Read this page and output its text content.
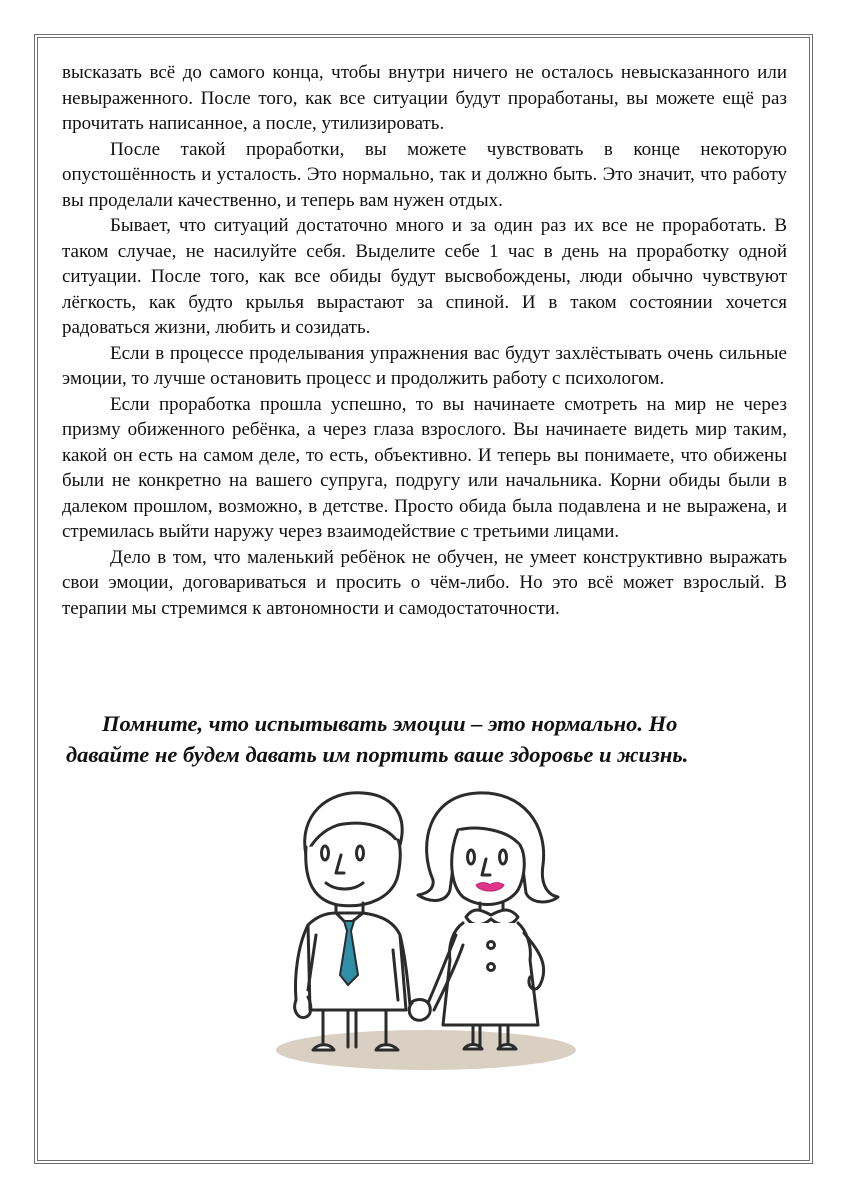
высказать всё до самого конца, чтобы внутри ничего не осталось невысказанного или невыраженного. После того, как все ситуации будут проработаны, вы можете ещё раз прочитать написанное, а после, утилизировать.

После такой проработки, вы можете чувствовать в конце некоторую опустошённость и усталость. Это нормально, так и должно быть. Это значит, что работу вы проделали качественно, и теперь вам нужен отдых.

Бывает, что ситуаций достаточно много и за один раз их все не проработать. В таком случае, не насилуйте себя. Выделите себе 1 час в день на проработку одной ситуации. После того, как все обиды будут высвобождены, люди обычно чувствуют лёгкость, как будто крылья вырастают за спиной. И в таком состоянии хочется радоваться жизни, любить и созидать.

Если в процессе проделывания упражнения вас будут захлёстывать очень сильные эмоции, то лучше остановить процесс и продолжить работу с психологом.

Если проработка прошла успешно, то вы начинаете смотреть на мир не через призму обиженного ребёнка, а через глаза взрослого. Вы начинаете видеть мир таким, какой он есть на самом деле, то есть, объективно. И теперь вы понимаете, что обижены были не конкретно на вашего супруга, подругу или начальника. Корни обиды были в далеком прошлом, возможно, в детстве. Просто обида была подавлена и не выражена, и стремилась выйти наружу через взаимодействие с третьими лицами.

Дело в том, что маленький ребёнок не обучен, не умеет конструктивно выражать свои эмоции, договариваться и просить о чём-либо. Но это всё может взрослый. В терапии мы стремимся к автономности и самодостаточности.

Помните, что испытывать эмоции – это нормально. Но
давайте не будем давать им портить ваше здоровье и жизнь.
